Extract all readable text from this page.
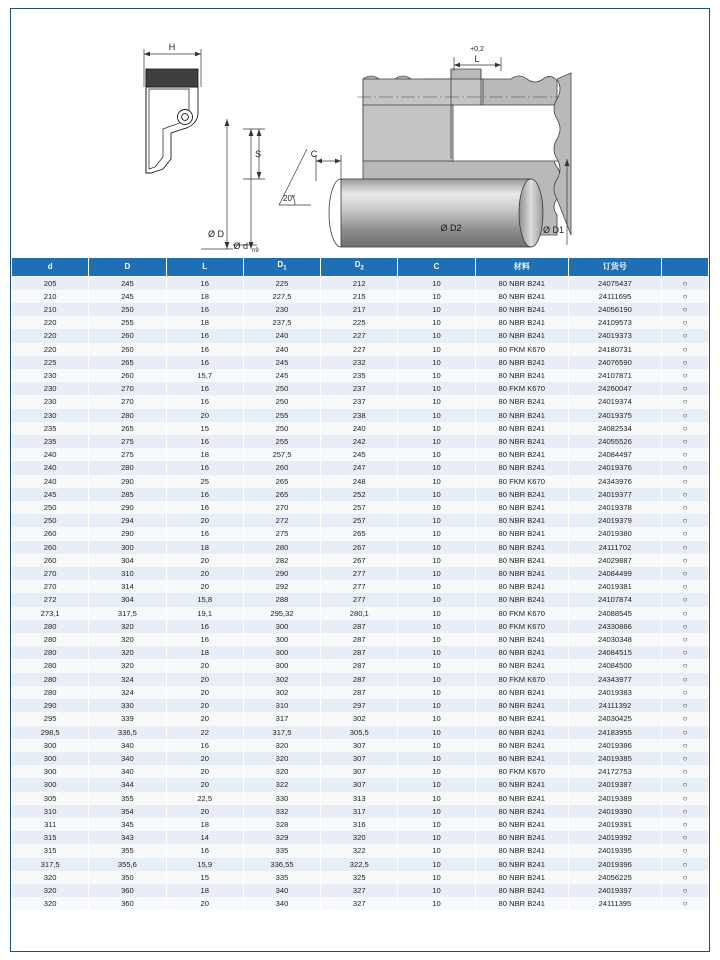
H
Ø D
Ø d n9
S
20°
C
L
+0,2
Ø D2	Ø D1
d	D	L	$D_1$	$D_2$	C	材料	订货号	
205	245	16	225	212	10	80 NBR B241	24075437	○
210	245	18	227,5	215	10	80 NBR B241	24111695	○
210	250	16	230	217	10	80 NBR B241	24056190	○
220	255	18	237,5	225	10	80 NBR B241	24109573	○
220	260	16	240	227	10	80 NBR B241	24019373	○
220	260	16	240	227	10	80 FKM K670	24180731	○
225	265	16	245	232	10	80 NBR B241	24076590	○
230	260	15,7	245	235	10	80 NBR B241	24107871	○
230	270	16	250	237	10	80 FKM K670	24260047	○
230	270	16	250	237	10	80 NBR B241	24019374	○
230	280	20	255	238	10	80 NBR B241	24019375	○
235	265	15	250	240	10	80 NBR B241	24082534	○
235	275	16	255	242	10	80 NBR B241	24055526	○
240	275	18	257,5	245	10	80 NBR B241	24084497	○
240	280	16	260	247	10	80 NBR B241	24019376	○
240	290	25	265	248	10	80 FKM K670	24343976	○
245	285	16	265	252	10	80 NBR B241	24019377	○
250	290	16	270	257	10	80 NBR B241	24019378	○
250	294	20	272	257	10	80 NBR B241	24019379	○
260	290	16	275	265	10	80 NBR B241	24019380	○
260	300	18	280	267	10	80 NBR B241	24111702	○
260	304	20	282	267	10	80 NBR B241	24029887	○
270	310	20	290	277	10	80 NBR B241	24084499	○
270	314	20	292	277	10	80 NBR B241	24019381	○
272	304	15,8	288	277	10	80 NBR B241	24107874	○
273,1	317,5	19,1	295,32	280,1	10	80 FKM K670	24088545	○
280	320	16	300	287	10	80 FKM K670	24330886	○
280	320	16	300	287	10	80 NBR B241	24030348	○
280	320	18	300	287	10	80 NBR B241	24084515	○
280	320	20	300	287	10	80 NBR B241	24084500	○
280	324	20	302	287	10	80 FKM K670	24343977	○
280	324	20	302	287	10	80 NBR B241	24019383	○
290	330	20	310	297	10	80 NBR B241	24111392	○
295	339	20	317	302	10	80 NBR B241	24030425	○
298,5	336,5	22	317,5	305,5	10	80 NBR B241	24183955	○
300	340	16	320	307	10	80 NBR B241	24019386	○
300	340	20	320	307	10	80 NBR B241	24019385	○
300	340	20	320	307	10	80 FKM K670	24172753	○
300	344	20	322	307	10	80 NBR B241	24019387	○
305	355	22,5	330	313	10	80 NBR B241	24019389	○
310	354	20	332	317	10	80 NBR B241	24019390	○
311	345	18	328	316	10	80 NBR B241	24019391	○
315	343	14	329	320	10	80 NBR B241	24019392	○
315	355	16	335	322	10	80 NBR B241	24019395	○
317,5	355,6	15,9	336,55	322,5	10	80 NBR B241	24019396	○
320	350	15	335	325	10	80 NBR B241	24056225	○
320	360	18	340	327	10	80 NBR B241	24019397	○
320	360	20	340	327	10	80 NBR B241	24111395	○
